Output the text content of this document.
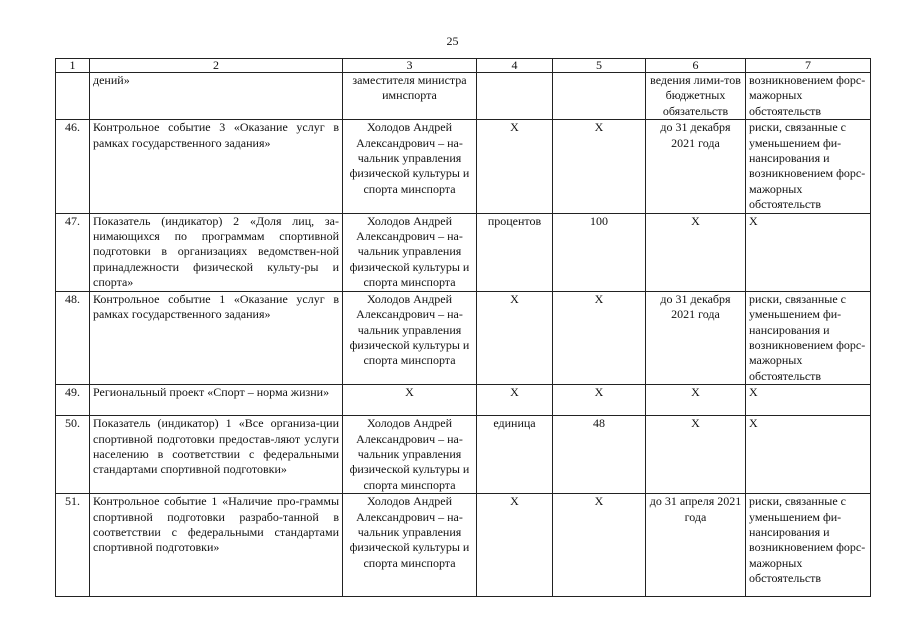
25
1	2	3	4	5	6	7
	дений»	заместителя министра имнспорта			ведения лими-тов бюджетных обязательств	возникновением форс-мажорных обстоятельств
46.	Контрольное событие 3 «Оказание услуг в рамках государственного задания»	Холодов Андрей Александрович – на-чальник управления физической культуры и спорта минспорта	Х	Х	до 31 декабря 2021 года	риски, связанные с уменьшением фи-нансирования и возникновением форс-мажорных обстоятельств
47.	Показатель (индикатор) 2 «Доля лиц, за-нимающихся по программам спортивной подготовки в организациях ведомствен-ной принадлежности физической культу-ры и спорта»	Холодов Андрей Александрович – на-чальник управления физической культуры и спорта минспорта	процентов	100	Х	Х
48.	Контрольное событие 1 «Оказание услуг в рамках государственного задания»	Холодов Андрей Александрович – на-чальник управления физической культуры и спорта минспорта	Х	Х	до 31 декабря 2021 года	риски, связанные с уменьшением фи-нансирования и возникновением форс-мажорных обстоятельств
49.	Региональный проект «Спорт – норма жизни»	Х	Х	Х	Х	Х
50.	Показатель (индикатор) 1 «Все организа-ции спортивной подготовки предостав-ляют услуги населению в соответствии с федеральными стандартами спортивной подготовки»	Холодов Андрей Александрович – на-чальник управления физической культуры и спорта минспорта	единица	48	Х	Х
51.	Контрольное событие 1 «Наличие про-граммы спортивной подготовки разрабо-танной в соответствии с федеральными стандартами спортивной подготовки»	Холодов Андрей Александрович – на-чальник управления физической культуры и спорта минспорта	Х	Х	до 31 апреля 2021 года	риски, связанные с уменьшением фи-нансирования и возникновением форс-мажорных обстоятельств
